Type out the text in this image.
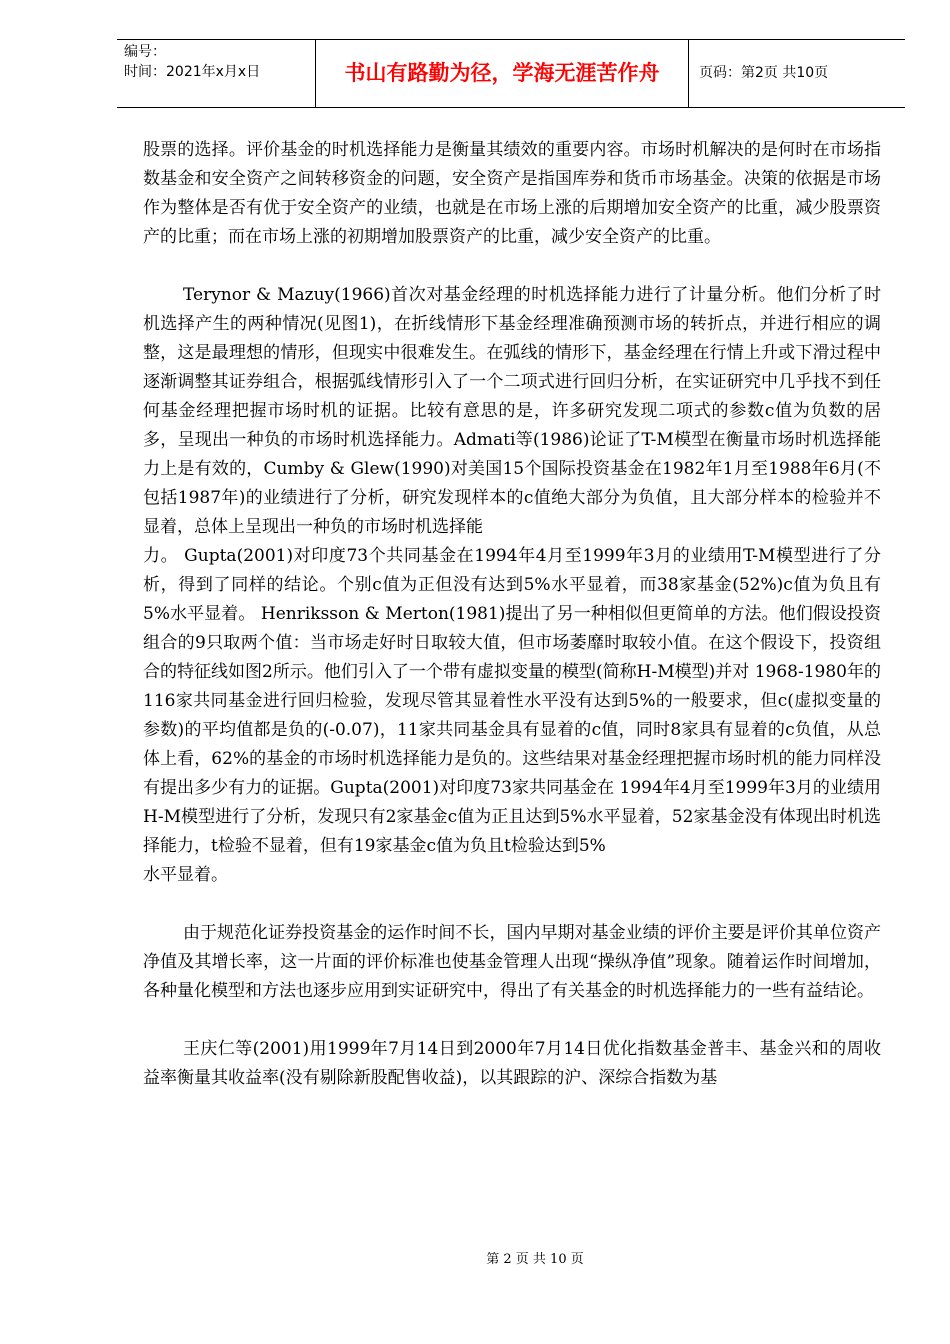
编号：
时间：2021年x月x日	书山有路勤为径，学海无涯苦作舟	页码：第2页 共10页

股票的选择。评价基金的时机选择能力是衡量其绩效的重要内容。市场时机解决的是何时在市场指数基金和安全资产之间转移资金的问题，安全资产是指国库券和货币市场基金。决策的依据是市场作为整体是否有优于安全资产的业绩，也就是在市场上涨的后期增加安全资产的比重，减少股票资产的比重；而在市场上涨的初期增加股票资产的比重，减少安全资产的比重。

Terynor & Mazuy(1966)首次对基金经理的时机选择能力进行了计量分析。他们分析了时机选择产生的两种情况(见图1)，在折线情形下基金经理准确预测市场的转折点，并进行相应的调整，这是最理想的情形，但现实中很难发生。在弧线的情形下，基金经理在行情上升或下滑过程中逐渐调整其证券组合，根据弧线情形引入了一个二项式进行回归分析，在实证研究中几乎找不到任何基金经理把握市场时机的证据。比较有意思的是，许多研究发现二项式的参数c值为负数的居多，呈现出一种负的市场时机选择能力。Admati等(1986)论证了T-M模型在衡量市场时机选择能力上是有效的，Cumby & Glew(1990)对美国15个国际投资基金在1982年1月至1988年6月(不包括1987年)的业绩进行了分析，研究发现样本的c值绝大部分为负值，且大部分样本的检验并不显着，总体上呈现出一种负的市场时机选择能

力。 Gupta(2001)对印度73个共同基金在1994年4月至1999年3月的业绩用T-M模型进行了分析，得到了同样的结论。个别c值为正但没有达到5%水平显着，而38家基金(52%)c值为负且有5%水平显着。 Henriksson & Merton(1981)提出了另一种相似但更简单的方法。他们假设投资组合的9只取两个值：当市场走好时日取较大值，但市场萎靡时取较小值。在这个假设下，投资组合的特征线如图2所示。他们引入了一个带有虚拟变量的模型(简称H-M模型)并对 1968-1980年的116家共同基金进行回归检验，发现尽管其显着性水平没有达到5%的一般要求，但c(虚拟变量的参数)的平均值都是负的(-0.07)，11家共同基金具有显着的c值，同时8家具有显着的c负值，从总体上看，62%的基金的市场时机选择能力是负的。这些结果对基金经理把握市场时机的能力同样没有提出多少有力的证据。Gupta(2001)对印度73家共同基金在 1994年4月至1999年3月的业绩用H-M模型进行了分析，发现只有2家基金c值为正且达到5%水平显着，52家基金没有体现出时机选择能力，t检验不显着，但有19家基金c值为负且t检验达到5%

水平显着。

由于规范化证券投资基金的运作时间不长，国内早期对基金业绩的评价主要是评价其单位资产净值及其增长率，这一片面的评价标准也使基金管理人出现“操纵净值”现象。随着运作时间增加，各种量化模型和方法也逐步应用到实证研究中，得出了有关基金的时机选择能力的一些有益结论。

王庆仁等(2001)用1999年7月14日到2000年7月14日优化指数基金普丰、基金兴和的周收益率衡量其收益率(没有剔除新股配售收益)，以其跟踪的沪、深综合指数为基

第 2 页 共 10 页
